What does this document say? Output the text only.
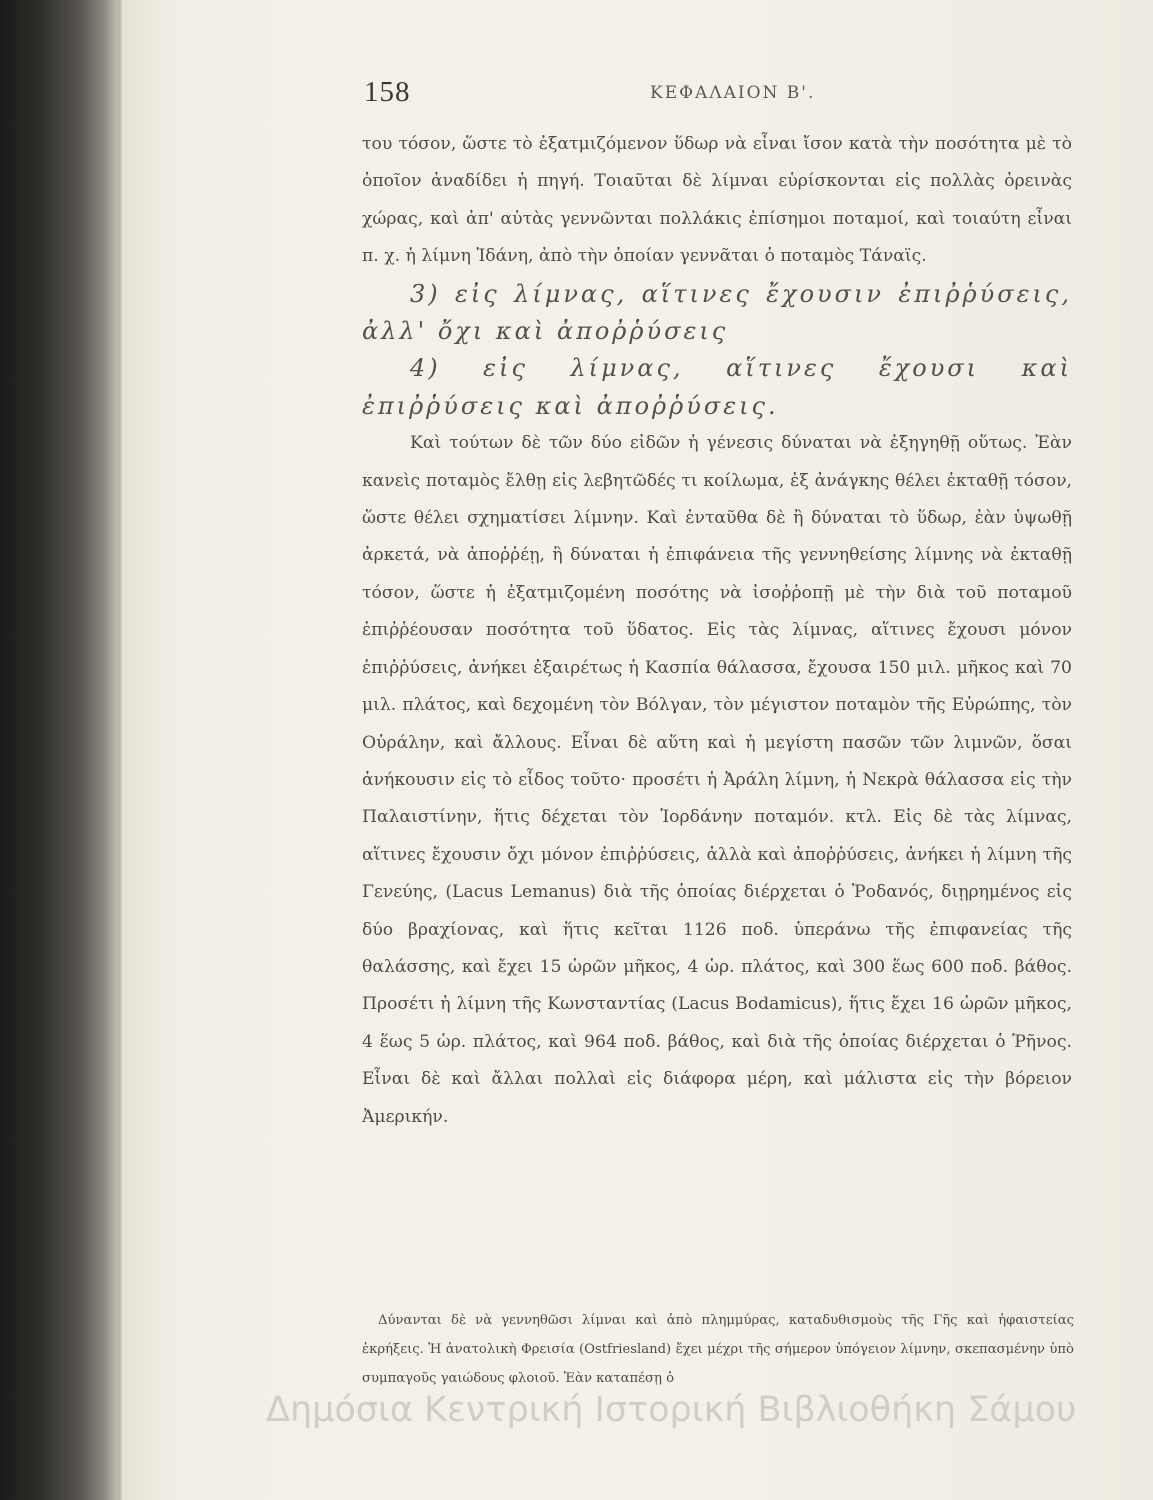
158	ΚΕΦΑΛΑΙΟΝ Β'.

του τόσον, ὥστε τὸ ἐξατμιζόμενον ὕδωρ νὰ εἶναι ἴσον κατὰ τὴν ποσότητα μὲ τὸ ὁποῖον ἀναδίδει ἡ πηγή. Τοιαῦται δὲ λίμναι εὑρίσκονται εἰς πολλὰς ὀρεινὰς χώρας, καὶ ἀπ' αὐτὰς γεννῶνται πολλάκις ἐπίσημοι ποταμοί, καὶ τοιαύτη εἶναι π. χ. ἡ λίμνη Ἰδάνη, ἀπὸ τὴν ὁποίαν γεννᾶται ὁ ποταμὸς Τάναϊς.

3) εἰς λίμνας, αἵτινες ἔχουσιν ἐπιῤῥύσεις, ἀλλ' ὄχι καὶ ἀποῤῥύσεις

4) εἰς λίμνας, αἵτινες ἔχουσι καὶ ἐπιῤῥύσεις καὶ ἀποῤῥύσεις.

Καὶ τούτων δὲ τῶν δύο εἰδῶν ἡ γένεσις δύναται νὰ ἐξηγηθῇ οὕτως. Ἐὰν κανεὶς ποταμὸς ἔλθῃ εἰς λεβητῶδές τι κοίλωμα, ἐξ ἀνάγκης θέλει ἐκταθῇ τόσον, ὥστε θέλει σχηματίσει λίμνην. Καὶ ἐνταῦθα δὲ ἢ δύναται τὸ ὕδωρ, ἐὰν ὑψωθῇ ἀρκετά, νὰ ἀποῤῥέῃ, ἢ δύναται ἡ ἐπιφάνεια τῆς γεννηθείσης λίμνης νὰ ἐκταθῇ τόσον, ὥστε ἡ ἐξατμιζομένη ποσότης νὰ ἰσοῤῥοπῇ μὲ τὴν διὰ τοῦ ποταμοῦ ἐπιῤῥέουσαν ποσότητα τοῦ ὕδατος. Εἰς τὰς λίμνας, αἵτινες ἔχουσι μόνον ἐπιῤῥύσεις, ἀνήκει ἐξαιρέτως ἡ Κασπία θάλασσα, ἔχουσα 150 μιλ. μῆκος καὶ 70 μιλ. πλάτος, καὶ δεχομένη τὸν Βόλγαν, τὸν μέγιστον ποταμὸν τῆς Εὐρώπης, τὸν Οὐράλην, καὶ ἄλλους. Εἶναι δὲ αὕτη καὶ ἡ μεγίστη πασῶν τῶν λιμνῶν, ὅσαι ἀνήκουσιν εἰς τὸ εἶδος τοῦτο· προσέτι ἡ Ἀράλη λίμνη, ἡ Νεκρὰ θάλασσα εἰς τὴν Παλαιστίνην, ἥτις δέχεται τὸν Ἰορδάνην ποταμόν. κτλ. Εἰς δὲ τὰς λίμνας, αἵτινες ἔχουσιν ὄχι μόνον ἐπιῤῥύσεις, ἀλλὰ καὶ ἀποῤῥύσεις, ἀνήκει ἡ λίμνη τῆς Γενεύης, (Lacus Lemanus) διὰ τῆς ὁποίας διέρχεται ὁ Ῥοδανός, διῃρημένος εἰς δύο βραχίονας, καὶ ἥτις κεῖται 1126 ποδ. ὑπεράνω τῆς ἐπιφανείας τῆς θαλάσσης, καὶ ἔχει 15 ὡρῶν μῆκος, 4 ὡρ. πλάτος, καὶ 300 ἕως 600 ποδ. βάθος. Προσέτι ἡ λίμνη τῆς Κωνσταντίας (Lacus Bodamicus), ἥτις ἔχει 16 ὡρῶν μῆκος, 4 ἕως 5 ὡρ. πλάτος, καὶ 964 ποδ. βάθος, καὶ διὰ τῆς ὁποίας διέρχεται ὁ Ῥῆνος. Εἶναι δὲ καὶ ἄλλαι πολλαὶ εἰς διάφορα μέρη, καὶ μάλιστα εἰς τὴν βόρειον Ἀμερικήν.

Δύνανται δὲ νὰ γεννηθῶσι λίμναι καὶ ἀπὸ πλημμύρας, καταδυθισμοὺς τῆς Γῆς καὶ ἡφαιστείας ἐκρήξεις. Ἡ ἀνατολικὴ Φρεισία (Ostfriesland) ἔχει μέχρι τῆς σήμερον ὑπόγειον λίμνην, σκεπασμένην ὑπὸ συμπαγοῦς γαιώδους φλοιοῦ. Ἐὰν καταπέσῃ ὁ

Δημόσια Κεντρική Ιστορική Βιβλιοθήκη Σάμου
